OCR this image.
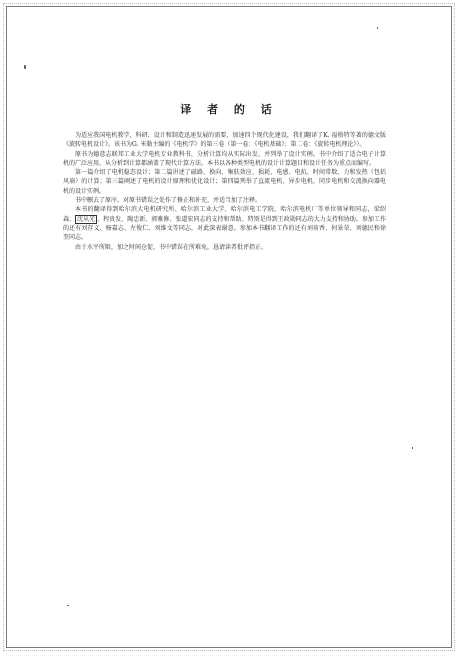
译 者 的 话

为适应我国电机教学、科研、设计和制造迅速发展的需要，加速四个现代化建设，我们翻译了K. 福格特等著的德文版《旋转电机设计》。该书为G. 米勒主编的《电机学》的第三卷（第一卷：《电机基础》；第二卷：《旋转电机理论》）。

原书为德意志联邦工业大学电机专业教科书，分析计算均从实际出发，并列举了设计实例。书中介绍了适合电子计算机的广泛应用，从分析到计算都涵盖了现代计算方法。本书以各种类型电机的设计计算题目和设计任务为重点而编写。

第一篇介绍了电机稳态设计；第二篇讲述了磁路、换向、集肤效应、损耗、电感、电抗、时间常数、力和发热（包括风扇）的计算；第三篇阐述了电机的设计原理和优化设计；第四篇列举了直流电机、异步电机、同步电机和交流换向器电机的设计实例。

书中删去了原序。对原书错误之处作了修正和补充，并适当加了注释。

本书的翻译得到哈尔滨大电机研究所、哈尔滨工业大学、哈尔滨电工学院、哈尔滨电机厂等单位领导和同志，梁绍森、 沈从光 、程贵发、陶忠新、郭雅修、张道宏同志的支持和帮助。特别是得到王政勋同志的大力支持和协助。参加工作的还有刘存义、杨嘉志、左俊仁、刘维文等同志，对此深表谢意。参加本书翻译工作的还有刘荷香、何景荣、刘德民和徐奎同志。

由于水平所限，加之时间仓促，书中错误在所难免，恳请读者批评指正。
